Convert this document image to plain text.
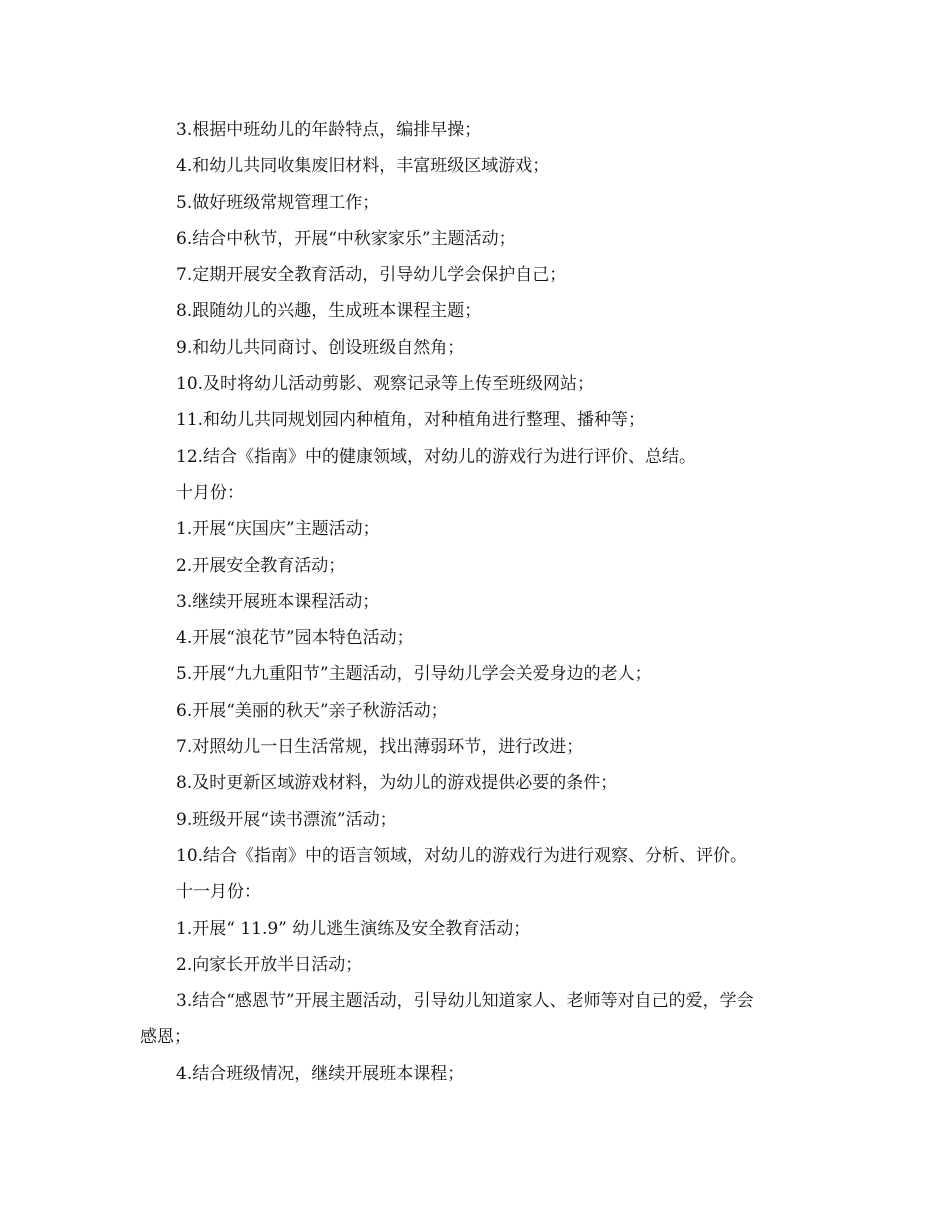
3.根据中班幼儿的年龄特点，编排早操；

4.和幼儿共同收集废旧材料，丰富班级区域游戏；

5.做好班级常规管理工作；

6.结合中秋节，开展“中秋家家乐”主题活动；

7.定期开展安全教育活动，引导幼儿学会保护自己；

8.跟随幼儿的兴趣，生成班本课程主题；

9.和幼儿共同商讨、创设班级自然角；

10.及时将幼儿活动剪影、观察记录等上传至班级网站；

11.和幼儿共同规划园内种植角，对种植角进行整理、播种等；

12.结合《指南》中的健康领域，对幼儿的游戏行为进行评价、总结。

十月份：

1.开展“庆国庆”主题活动；

2.开展安全教育活动；

3.继续开展班本课程活动；

4.开展“浪花节”园本特色活动；

5.开展“九九重阳节”主题活动，引导幼儿学会关爱身边的老人；

6.开展“美丽的秋天”亲子秋游活动；

7.对照幼儿一日生活常规，找出薄弱环节，进行改进；

8.及时更新区域游戏材料，为幼儿的游戏提供必要的条件；

9.班级开展“读书漂流”活动；

10.结合《指南》中的语言领域，对幼儿的游戏行为进行观察、分析、评价。

十一月份：

1.开展“ 11.9” 幼儿逃生演练及安全教育活动；

2.向家长开放半日活动；

3.结合“感恩节”开展主题活动，引导幼儿知道家人、老师等对自己的爱，学会

感恩；

4.结合班级情况，继续开展班本课程；
